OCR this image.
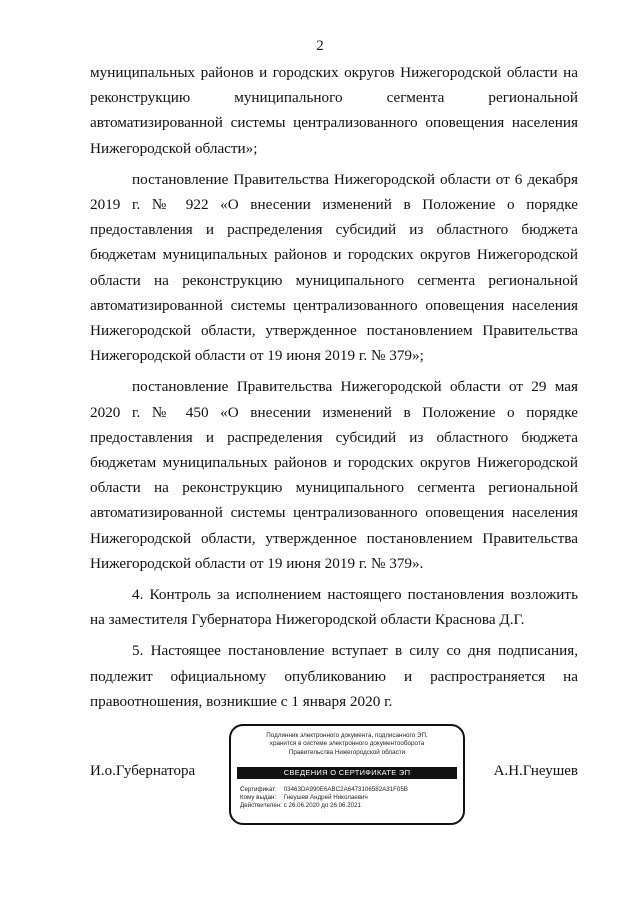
2

муниципальных районов и городских округов Нижегородской области на
реконструкцию муниципального сегмента региональной
автоматизированной системы централизованного оповещения населения
Нижегородской области»;

постановление Правительства Нижегородской области от 6 декабря 2019 г. № 922 «О внесении изменений в Положение о порядке предоставления и распределения субсидий из областного бюджета бюджетам муниципальных районов и городских округов Нижегородской области на реконструкцию муниципального сегмента региональной автоматизированной системы централизованного оповещения населения Нижегородской области, утвержденное постановлением Правительства Нижегородской области от 19 июня 2019 г. № 379»;

постановление Правительства Нижегородской области от 29 мая 2020 г. № 450 «О внесении изменений в Положение о порядке предоставления и распределения субсидий из областного бюджета бюджетам муниципальных районов и городских округов Нижегородской области на реконструкцию муниципального сегмента региональной автоматизированной системы централизованного оповещения населения Нижегородской области, утвержденное постановлением Правительства Нижегородской области от 19 июня 2019 г. № 379».

4. Контроль за исполнением настоящего постановления возложить на заместителя Губернатора Нижегородской области Краснова Д.Г.

5. Настоящее постановление вступает в силу со дня подписания, подлежит официальному опубликованию и распространяется на правоотношения, возникшие с 1 января 2020 г.

И.о.Губернатора
Подлинник электронного документа, подписанного ЭП,
хранится в системе электронного документооборота
Правительства Нижегородской области
СВЕДЕНИЯ О СЕРТИФИКАТЕ ЭП
Сертификат: 03463DA990E6ABC2A6473106582A31F05B
Кому выдан: Гнеушев Андрей Николаевич
Действителен: с 26.06.2020 до 26.06.2021
А.Н.Гнеушев
